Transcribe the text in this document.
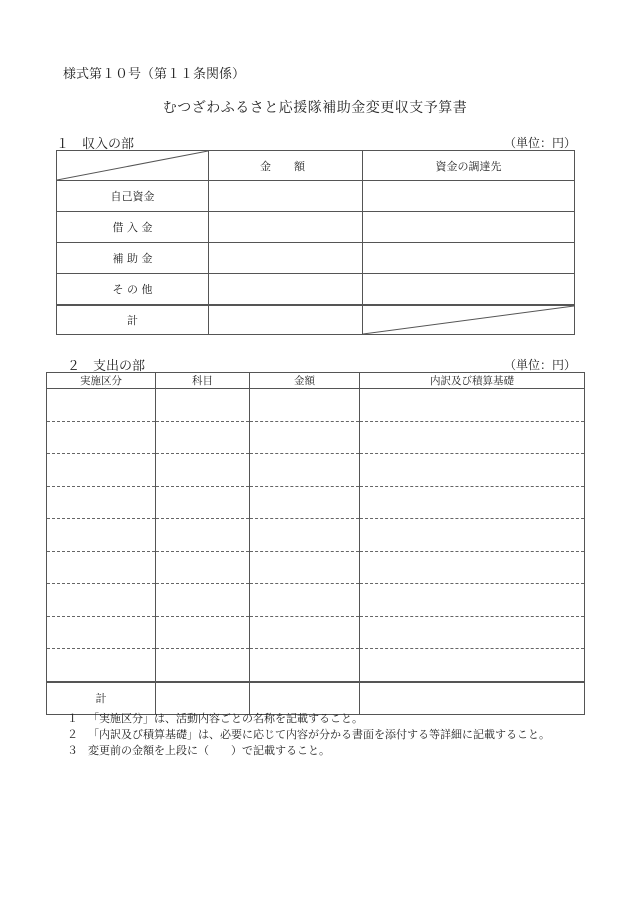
様式第１０号（第１１条関係）
むつざわふるさと応援隊補助金変更収支予算書
１　収入の部	（単位：円）
	金　額	資金の調達先
自己資金		
借 入 金		
補 助 金		
そ の 他		
計		
２　支出の部	（単位：円）
実施区分	科目	金額	内訳及び積算基礎

計			
１ 「実施区分」は、活動内容ごとの名称を記載すること。
２ 「内訳及び積算基礎」は、必要に応じて内容が分かる書面を添付する等詳細に記載すること。
３ 変更前の金額を上段に（　　）で記載すること。
